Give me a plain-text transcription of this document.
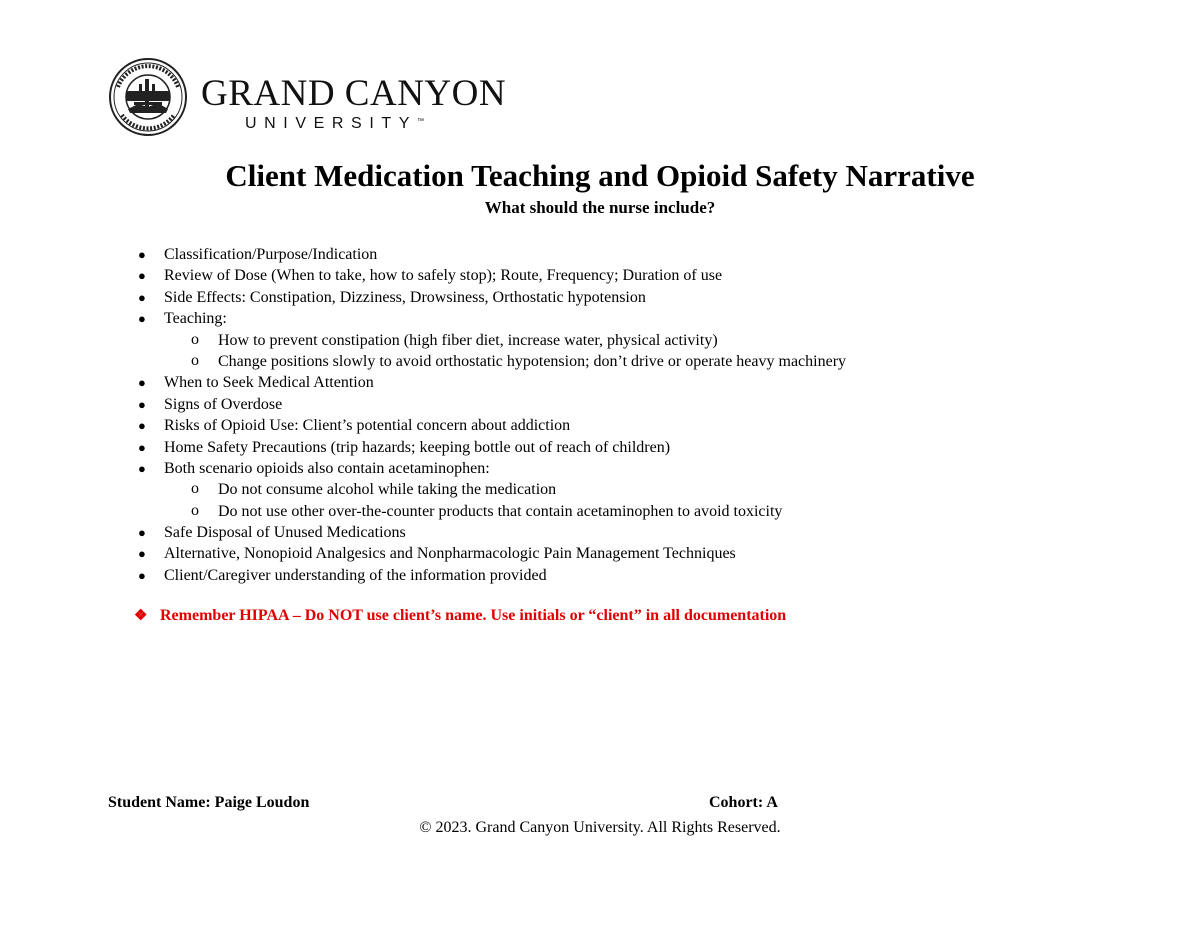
GRAND CANYON
UNIVERSITY™
Client Medication Teaching and Opioid Safety Narrative
What should the nurse include?
● Classification/Purpose/Indication
● Review of Dose (When to take, how to safely stop); Route, Frequency; Duration of use
● Side Effects: Constipation, Dizziness, Drowsiness, Orthostatic hypotension
● Teaching:
o How to prevent constipation (high fiber diet, increase water, physical activity)
o Change positions slowly to avoid orthostatic hypotension; don’t drive or operate heavy machinery
● When to Seek Medical Attention
● Signs of Overdose
● Risks of Opioid Use: Client’s potential concern about addiction
● Home Safety Precautions (trip hazards; keeping bottle out of reach of children)
● Both scenario opioids also contain acetaminophen:
o Do not consume alcohol while taking the medication
o Do not use other over-the-counter products that contain acetaminophen to avoid toxicity
● Safe Disposal of Unused Medications
● Alternative, Nonopioid Analgesics and Nonpharmacologic Pain Management Techniques
● Client/Caregiver understanding of the information provided
❖ Remember HIPAA – Do NOT use client’s name. Use initials or “client” in all documentation
Student Name: Paige Loudon	Cohort: A
© 2023. Grand Canyon University. All Rights Reserved.
